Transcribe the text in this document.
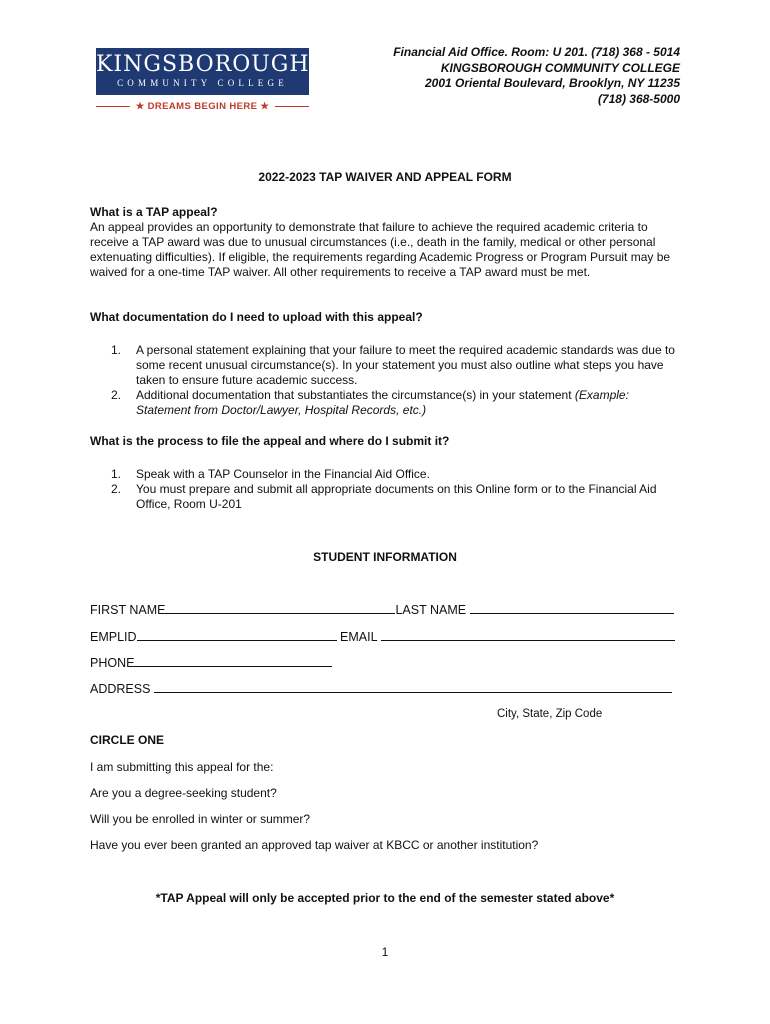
KINGSBOROUGH
COMMUNITY COLLEGE
★ DREAMS BEGIN HERE ★
Financial Aid Office. Room: U 201. (718) 368 - 5014
KINGSBOROUGH COMMUNITY COLLEGE
2001 Oriental Boulevard, Brooklyn, NY 11235
(718) 368-5000
2022-2023 TAP WAIVER AND APPEAL FORM
What is a TAP appeal?
An appeal provides an opportunity to demonstrate that failure to achieve the required academic criteria to receive a TAP award was due to unusual circumstances (i.e., death in the family, medical or other personal extenuating difficulties). If eligible, the requirements regarding Academic Progress or Program Pursuit may be waived for a one-time TAP waiver. All other requirements to receive a TAP award must be met.
What documentation do I need to upload with this appeal?
1.	A personal statement explaining that your failure to meet the required academic standards was due to some recent unusual circumstance(s). In your statement you must also outline what steps you have taken to ensure future academic success.
2.	Additional documentation that substantiates the circumstance(s) in your statement (Example: Statement from Doctor/Lawyer, Hospital Records, etc.)
What is the process to file the appeal and where do I submit it?
1.	Speak with a TAP Counselor in the Financial Aid Office.
2.	You must prepare and submit all appropriate documents on this Online form or to the Financial Aid Office, Room U-201
STUDENT INFORMATION
FIRST NAME	LAST NAME
EMPLID	EMAIL
PHONE
ADDRESS
City, State, Zip Code
CIRCLE ONE
I am submitting this appeal for the:
Are you a degree-seeking student?
Will you be enrolled in winter or summer?
Have you ever been granted an approved tap waiver at KBCC or another institution?
*TAP Appeal will only be accepted prior to the end of the semester stated above*
1
